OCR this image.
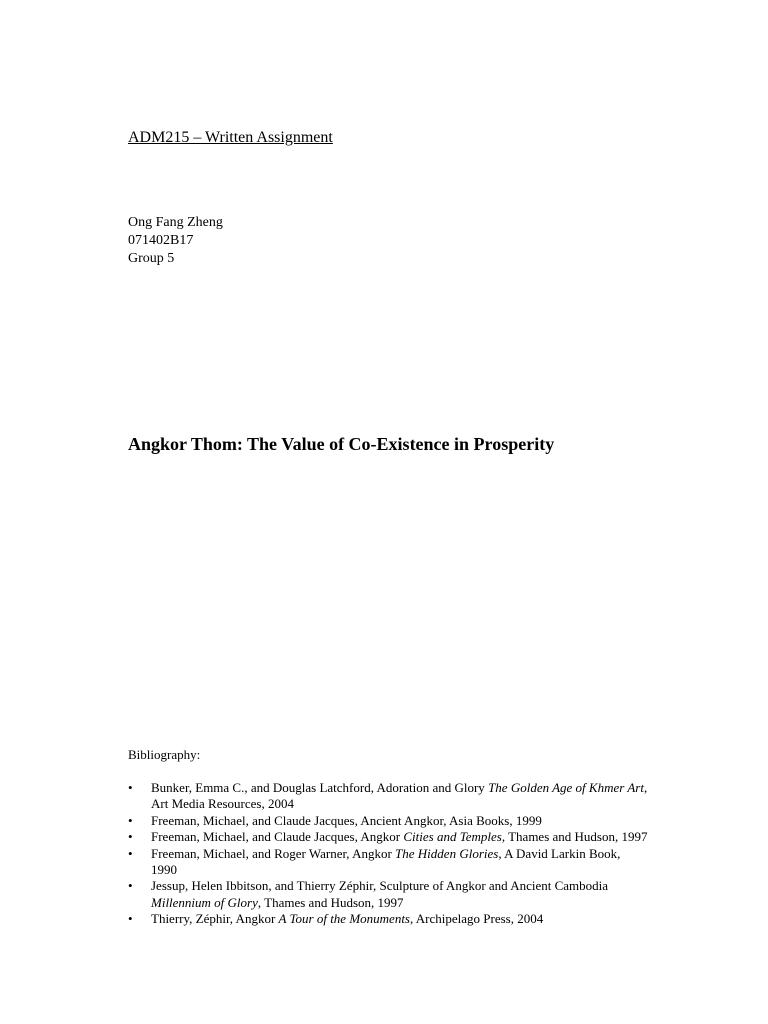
ADM215 – Written Assignment
Ong Fang Zheng
071402B17
Group 5
Angkor Thom: The Value of Co-Existence in Prosperity
Bibliography:
• Bunker, Emma C., and Douglas Latchford, Adoration and Glory The Golden Age of Khmer Art, Art Media Resources, 2004
• Freeman, Michael, and Claude Jacques, Ancient Angkor, Asia Books, 1999
• Freeman, Michael, and Claude Jacques, Angkor Cities and Temples, Thames and Hudson, 1997
• Freeman, Michael, and Roger Warner, Angkor The Hidden Glories, A David Larkin Book, 1990
• Jessup, Helen Ibbitson, and Thierry Zéphir, Sculpture of Angkor and Ancient Cambodia Millennium of Glory, Thames and Hudson, 1997
• Thierry, Zéphir, Angkor A Tour of the Monuments, Archipelago Press, 2004
